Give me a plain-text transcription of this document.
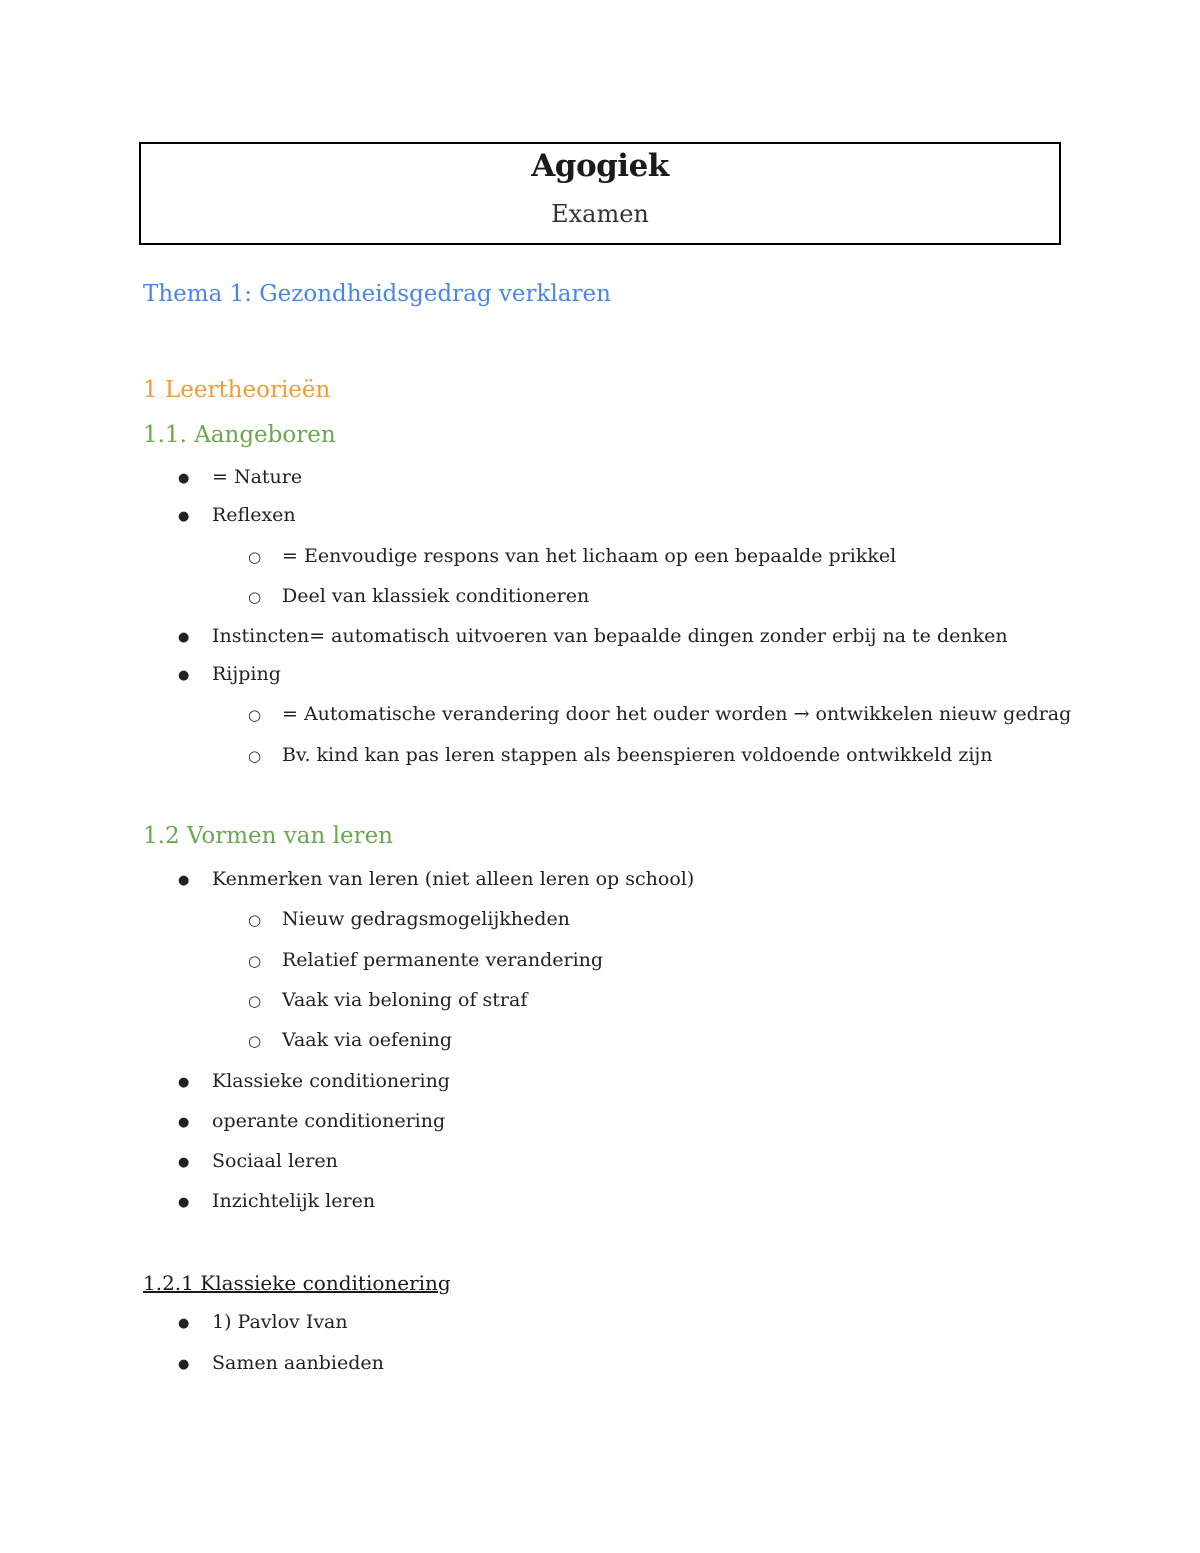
Agogiek
Examen
Thema 1: Gezondheidsgedrag verklaren
1 Leertheorieën
1.1. Aangeboren
● = Nature
● Reflexen
○ = Eenvoudige respons van het lichaam op een bepaalde prikkel
○ Deel van klassiek conditioneren
● Instincten= automatisch uitvoeren van bepaalde dingen zonder erbij na te denken
● Rijping
○ = Automatische verandering door het ouder worden → ontwikkelen nieuw gedrag
○ Bv. kind kan pas leren stappen als beenspieren voldoende ontwikkeld zijn
1.2 Vormen van leren
● Kenmerken van leren (niet alleen leren op school)
○ Nieuw gedragsmogelijkheden
○ Relatief permanente verandering
○ Vaak via beloning of straf
○ Vaak via oefening
● Klassieke conditionering
● operante conditionering
● Sociaal leren
● Inzichtelijk leren
1.2.1 Klassieke conditionering
● 1) Pavlov Ivan
● Samen aanbieden
